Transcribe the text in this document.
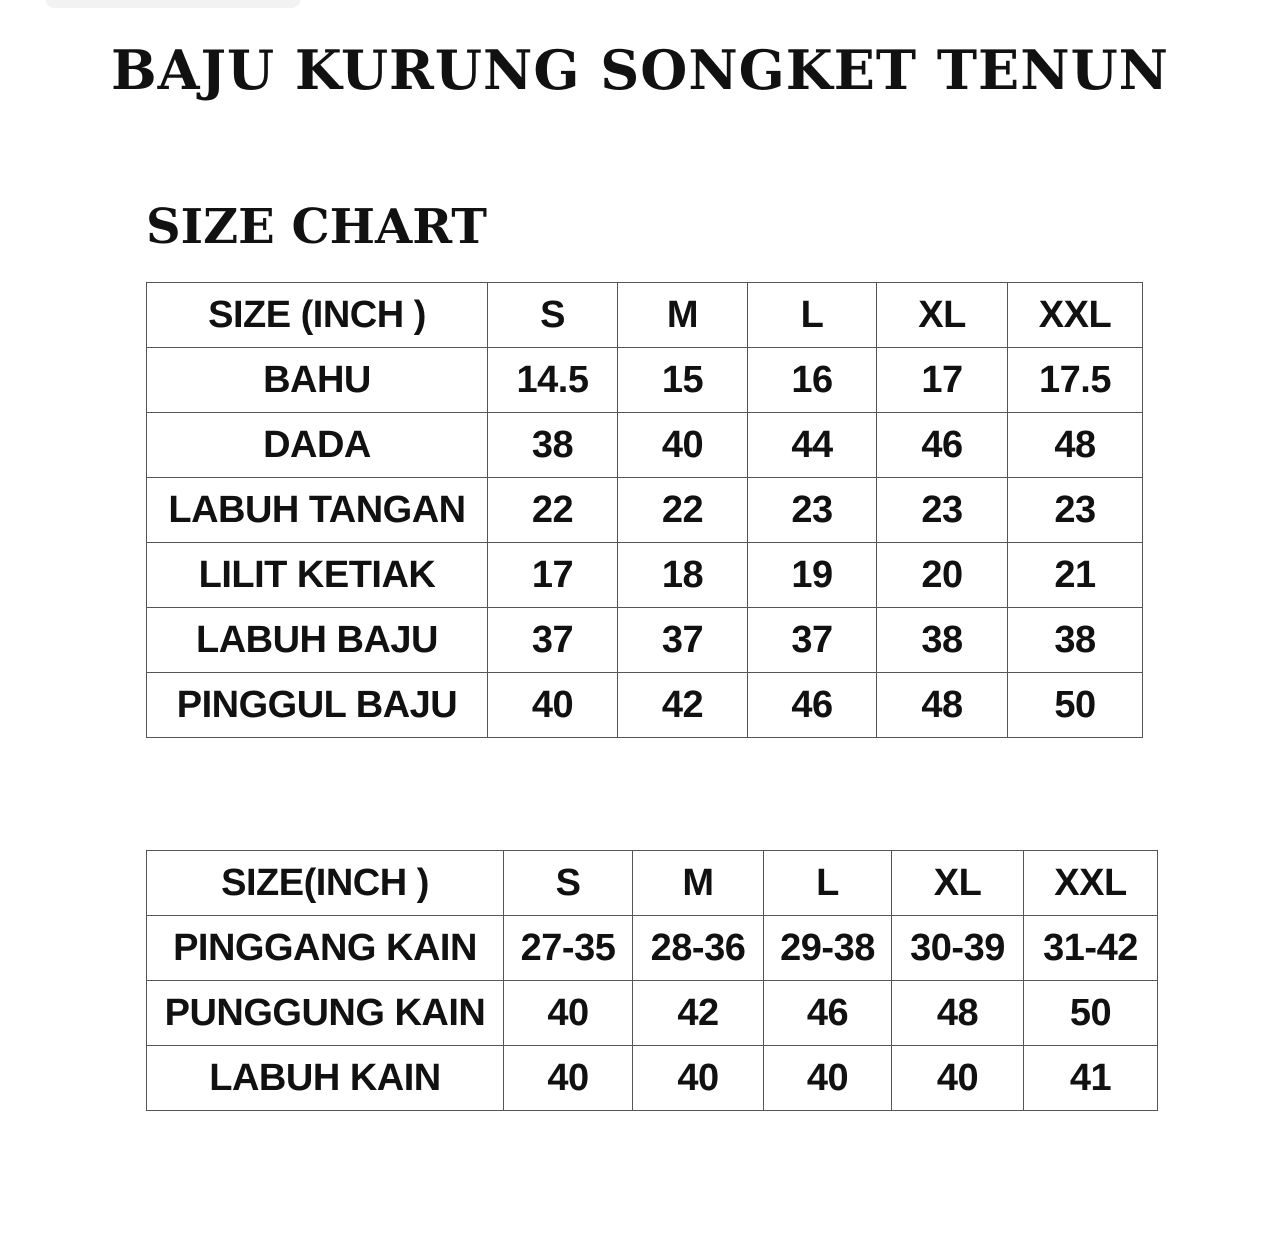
BAJU KURUNG SONGKET TENUN
SIZE CHART
SIZE (INCH )	S	M	L	XL	XXL
BAHU	14.5	15	16	17	17.5
DADA	38	40	44	46	48
LABUH TANGAN	22	22	23	23	23
LILIT KETIAK	17	18	19	20	21
LABUH BAJU	37	37	37	38	38
PINGGUL BAJU	40	42	46	48	50
SIZE(INCH )	S	M	L	XL	XXL
PINGGANG KAIN	27-35	28-36	29-38	30-39	31-42
PUNGGUNG KAIN	40	42	46	48	50
LABUH KAIN	40	40	40	40	41
